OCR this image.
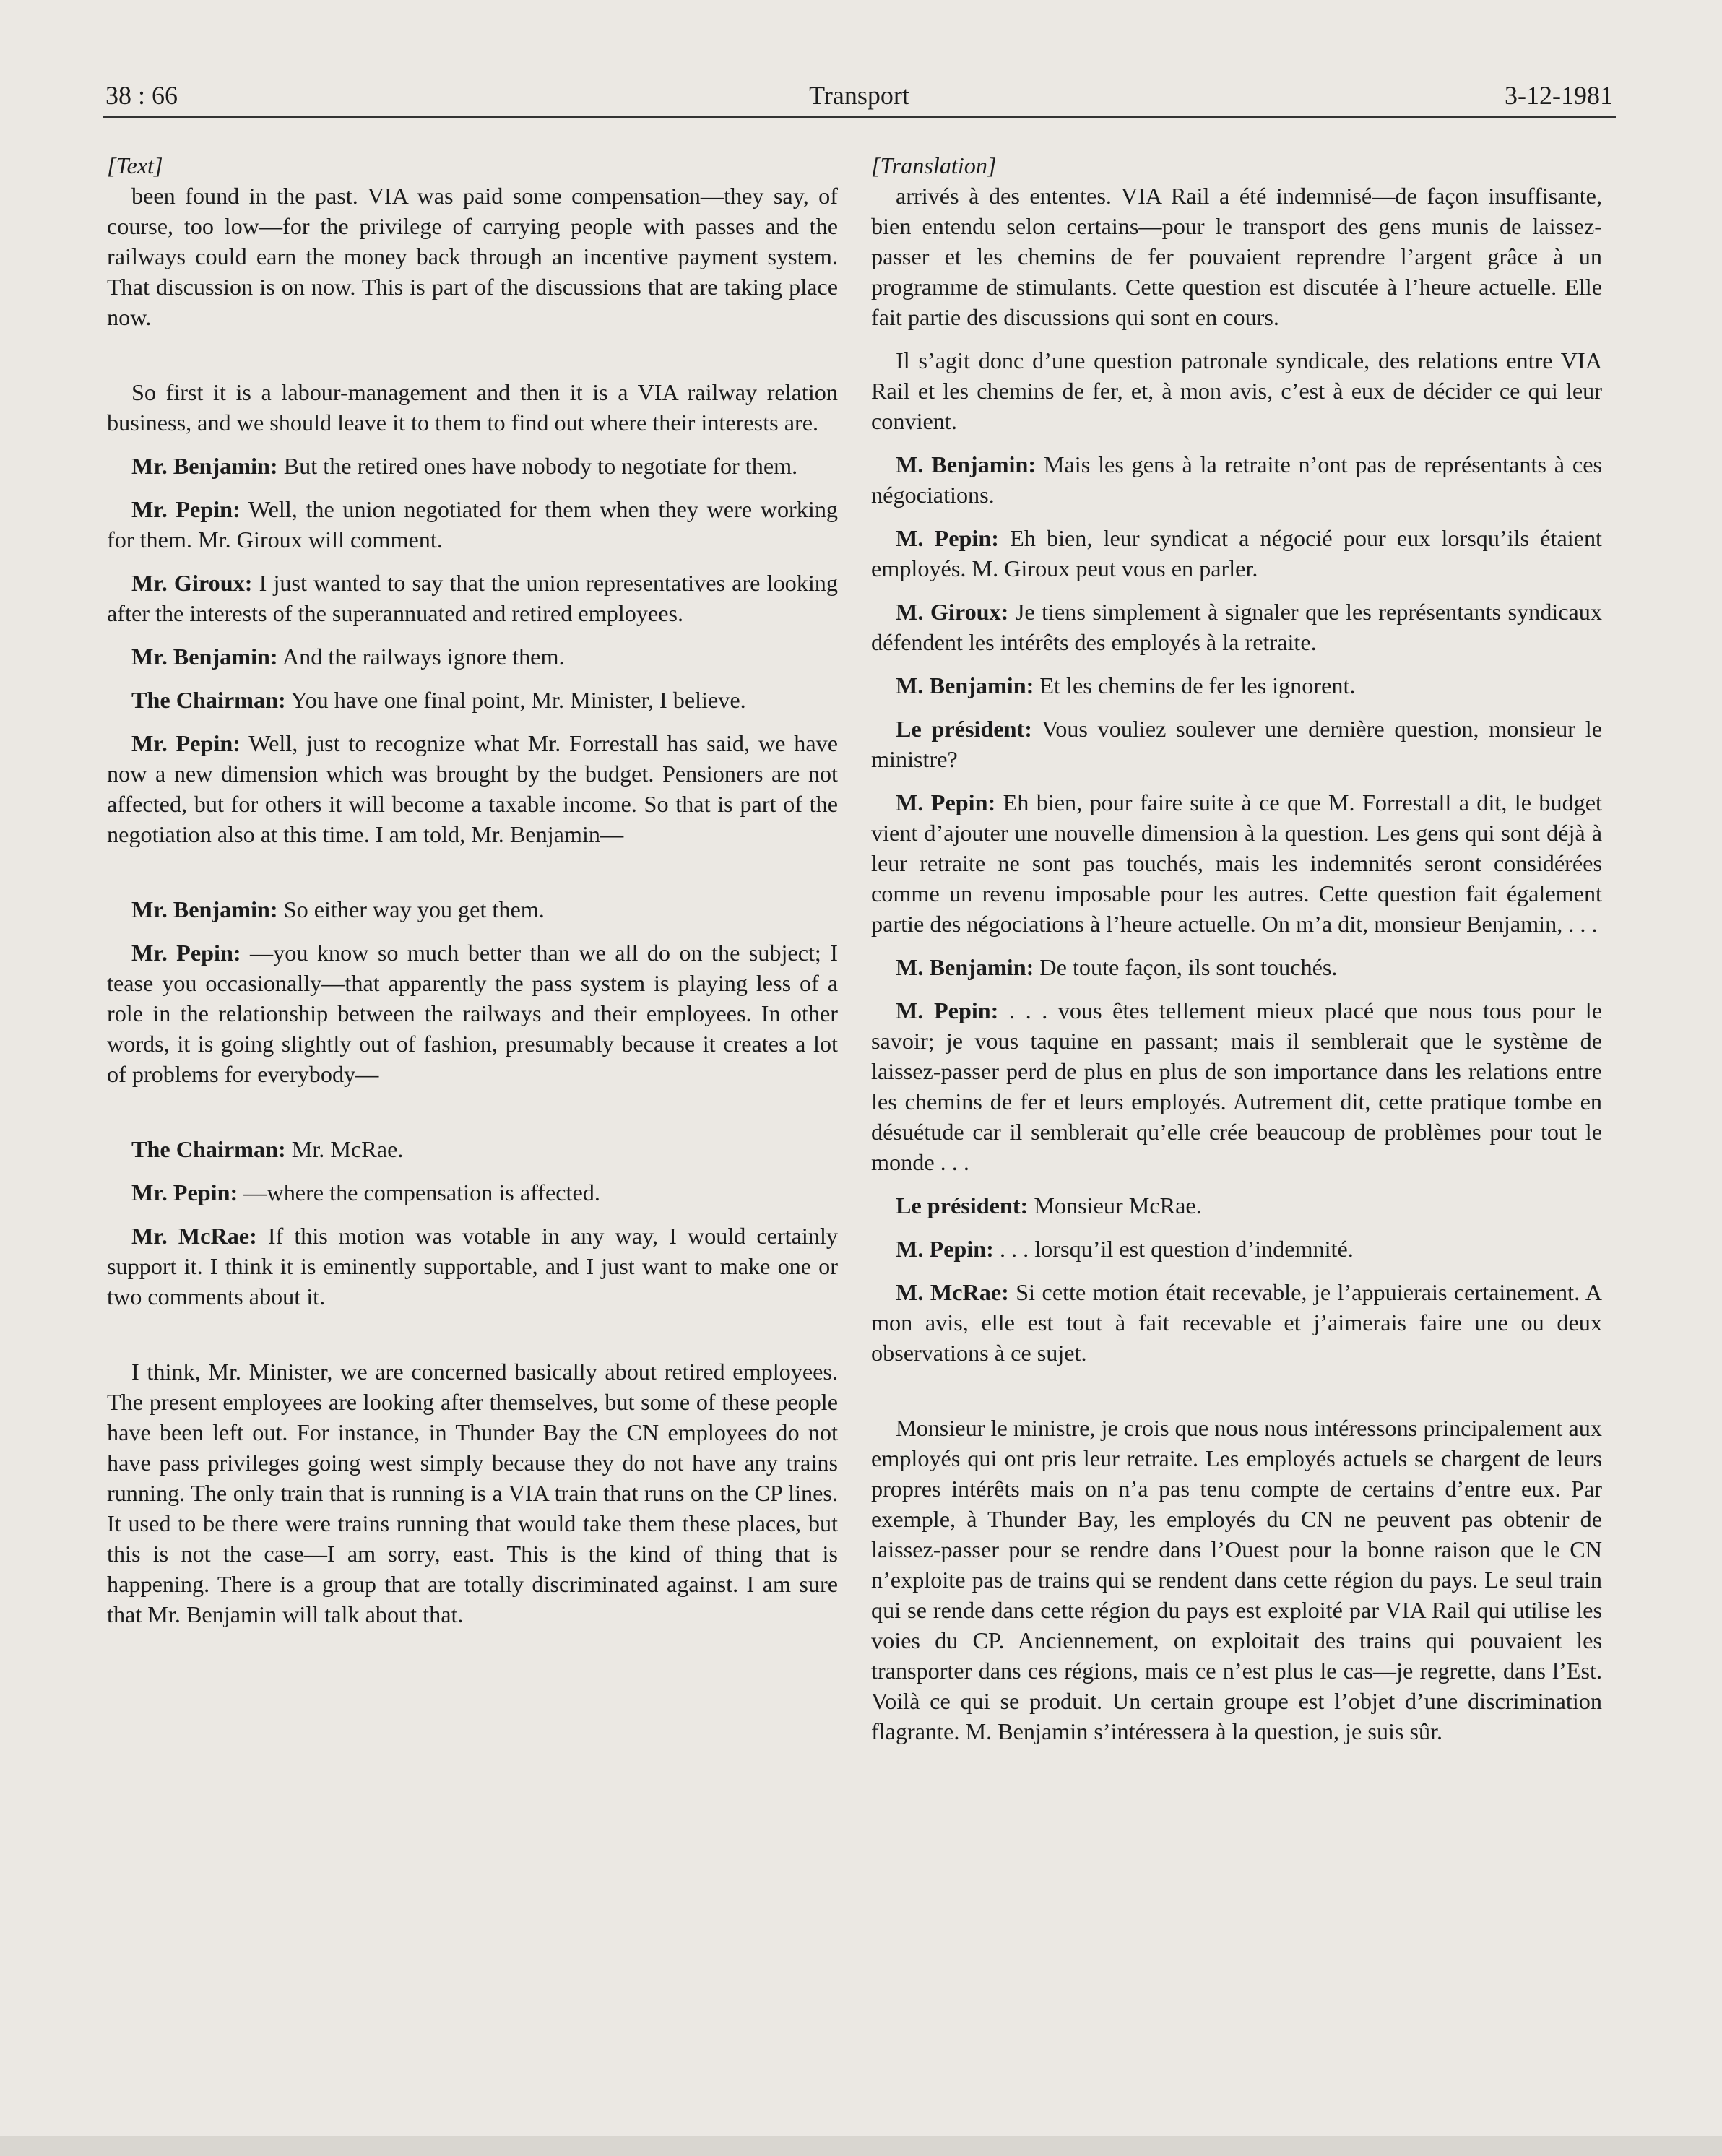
38 : 66	Transport	3-12-1981
[Text]

been found in the past. VIA was paid some compensation—they say, of course, too low—for the privilege of carrying people with passes and the railways could earn the money back through an incentive payment system. That discussion is on now. This is part of the discussions that are taking place now.

So first it is a labour-management and then it is a VIA railway relation business, and we should leave it to them to find out where their interests are.

Mr. Benjamin: But the retired ones have nobody to negotiate for them.

Mr. Pepin: Well, the union negotiated for them when they were working for them. Mr. Giroux will comment.

Mr. Giroux: I just wanted to say that the union representatives are looking after the interests of the superannuated and retired employees.

Mr. Benjamin: And the railways ignore them.

The Chairman: You have one final point, Mr. Minister, I believe.

Mr. Pepin: Well, just to recognize what Mr. Forrestall has said, we have now a new dimension which was brought by the budget. Pensioners are not affected, but for others it will become a taxable income. So that is part of the negotiation also at this time. I am told, Mr. Benjamin—

Mr. Benjamin: So either way you get them.

Mr. Pepin: —you know so much better than we all do on the subject; I tease you occasionally—that apparently the pass system is playing less of a role in the relationship between the railways and their employees. In other words, it is going slightly out of fashion, presumably because it creates a lot of problems for everybody—

The Chairman: Mr. McRae.

Mr. Pepin: —where the compensation is affected.

Mr. McRae: If this motion was votable in any way, I would certainly support it. I think it is eminently supportable, and I just want to make one or two comments about it.

I think, Mr. Minister, we are concerned basically about retired employees. The present employees are looking after themselves, but some of these people have been left out. For instance, in Thunder Bay the CN employees do not have pass privileges going west simply because they do not have any trains running. The only train that is running is a VIA train that runs on the CP lines. It used to be there were trains running that would take them these places, but this is not the case—I am sorry, east. This is the kind of thing that is happening. There is a group that are totally discriminated against. I am sure that Mr. Benjamin will talk about that.

[Translation]

arrivés à des ententes. VIA Rail a été indemnisé—de façon insuffisante, bien entendu selon certains—pour le transport des gens munis de laissez-passer et les chemins de fer pouvaient reprendre l’argent grâce à un programme de stimulants. Cette question est discutée à l’heure actuelle. Elle fait partie des discussions qui sont en cours.

Il s’agit donc d’une question patronale syndicale, des relations entre VIA Rail et les chemins de fer, et, à mon avis, c’est à eux de décider ce qui leur convient.

M. Benjamin: Mais les gens à la retraite n’ont pas de représentants à ces négociations.

M. Pepin: Eh bien, leur syndicat a négocié pour eux lorsqu’ils étaient employés. M. Giroux peut vous en parler.

M. Giroux: Je tiens simplement à signaler que les représentants syndicaux défendent les intérêts des employés à la retraite.

M. Benjamin: Et les chemins de fer les ignorent.

Le président: Vous vouliez soulever une dernière question, monsieur le ministre?

M. Pepin: Eh bien, pour faire suite à ce que M. Forrestall a dit, le budget vient d’ajouter une nouvelle dimension à la question. Les gens qui sont déjà à leur retraite ne sont pas touchés, mais les indemnités seront considérées comme un revenu imposable pour les autres. Cette question fait également partie des négociations à l’heure actuelle. On m’a dit, monsieur Benjamin, . . .

M. Benjamin: De toute façon, ils sont touchés.

M. Pepin: . . . vous êtes tellement mieux placé que nous tous pour le savoir; je vous taquine en passant; mais il semblerait que le système de laissez-passer perd de plus en plus de son importance dans les relations entre les chemins de fer et leurs employés. Autrement dit, cette pratique tombe en désuétude car il semblerait qu’elle crée beaucoup de problèmes pour tout le monde . . .

Le président: Monsieur McRae.

M. Pepin: . . . lorsqu’il est question d’indemnité.

M. McRae: Si cette motion était recevable, je l’appuierais certainement. A mon avis, elle est tout à fait recevable et j’aimerais faire une ou deux observations à ce sujet.

Monsieur le ministre, je crois que nous nous intéressons principalement aux employés qui ont pris leur retraite. Les employés actuels se chargent de leurs propres intérêts mais on n’a pas tenu compte de certains d’entre eux. Par exemple, à Thunder Bay, les employés du CN ne peuvent pas obtenir de laissez-passer pour se rendre dans l’Ouest pour la bonne raison que le CN n’exploite pas de trains qui se rendent dans cette région du pays. Le seul train qui se rende dans cette région du pays est exploité par VIA Rail qui utilise les voies du CP. Anciennement, on exploitait des trains qui pouvaient les transporter dans ces régions, mais ce n’est plus le cas—je regrette, dans l’Est. Voilà ce qui se produit. Un certain groupe est l’objet d’une discrimination flagrante. M. Benjamin s’intéressera à la question, je suis sûr.
